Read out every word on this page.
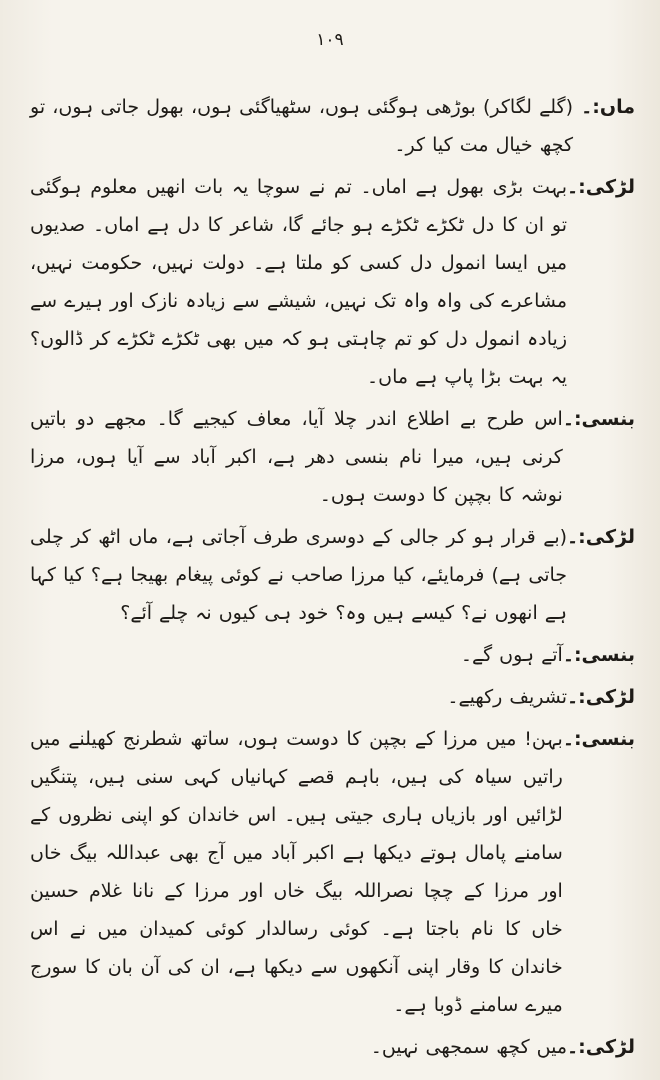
۱۰۹
ماں:۔
(گلے لگاکر) بوڑھی ہوگئی ہوں، سٹھیاگئی ہوں، بھول جاتی ہوں، تو کچھ خیال مت کیا کر۔
لڑکی:۔
بہت بڑی بھول ہے اماں۔ تم نے سوچا یہ بات انھیں معلوم ہوگئی تو ان کا دل ٹکڑے ٹکڑے ہو جائے گا، شاعر کا دل ہے اماں۔ صدیوں میں ایسا انمول دل کسی کو ملتا ہے۔ دولت نہیں، حکومت نہیں، مشاعرے کی واہ واہ تک نہیں، شیشے سے زیادہ نازک اور ہیرے سے زیادہ انمول دل کو تم چاہتی ہو کہ میں بھی ٹکڑے ٹکڑے کر ڈالوں؟ یہ بہت بڑا پاپ ہے ماں۔
بنسی:۔
اس طرح بے اطلاع اندر چلا آیا، معاف کیجیے گا۔ مجھے دو باتیں کرنی ہیں، میرا نام بنسی دھر ہے، اکبر آباد سے آیا ہوں، مرزا نوشہ کا بچپن کا دوست ہوں۔
لڑکی:۔
(بے قرار ہو کر جالی کے دوسری طرف آجاتی ہے، ماں اٹھ کر چلی جاتی ہے) فرمایئے، کیا مرزا صاحب نے کوئی پیغام بھیجا ہے؟ کیا کہا ہے انھوں نے؟ کیسے ہیں وہ؟ خود ہی کیوں نہ چلے آئے؟
بنسی:۔
آتے ہوں گے۔
لڑکی:۔
تشریف رکھیے۔
بنسی:۔
بہن! میں مرزا کے بچپن کا دوست ہوں، ساتھ شطرنج کھیلنے میں راتیں سیاہ کی ہیں، باہم قصے کہانیاں کہی سنی ہیں، پتنگیں لڑائیں اور بازیاں ہاری جیتی ہیں۔ اس خاندان کو اپنی نظروں کے سامنے پامال ہوتے دیکھا ہے اکبر آباد میں آج بھی عبداللہ بیگ خاں اور مرزا کے چچا نصراللہ بیگ خاں اور مرزا کے نانا غلام حسین خاں کا نام باجتا ہے۔ کوئی رسالدار کوئی کمیدان میں نے اس خاندان کا وقار اپنی آنکھوں سے دیکھا ہے، ان کی آن بان کا سورج میرے سامنے ڈوبا ہے۔
لڑکی:۔
میں کچھ سمجھی نہیں۔
